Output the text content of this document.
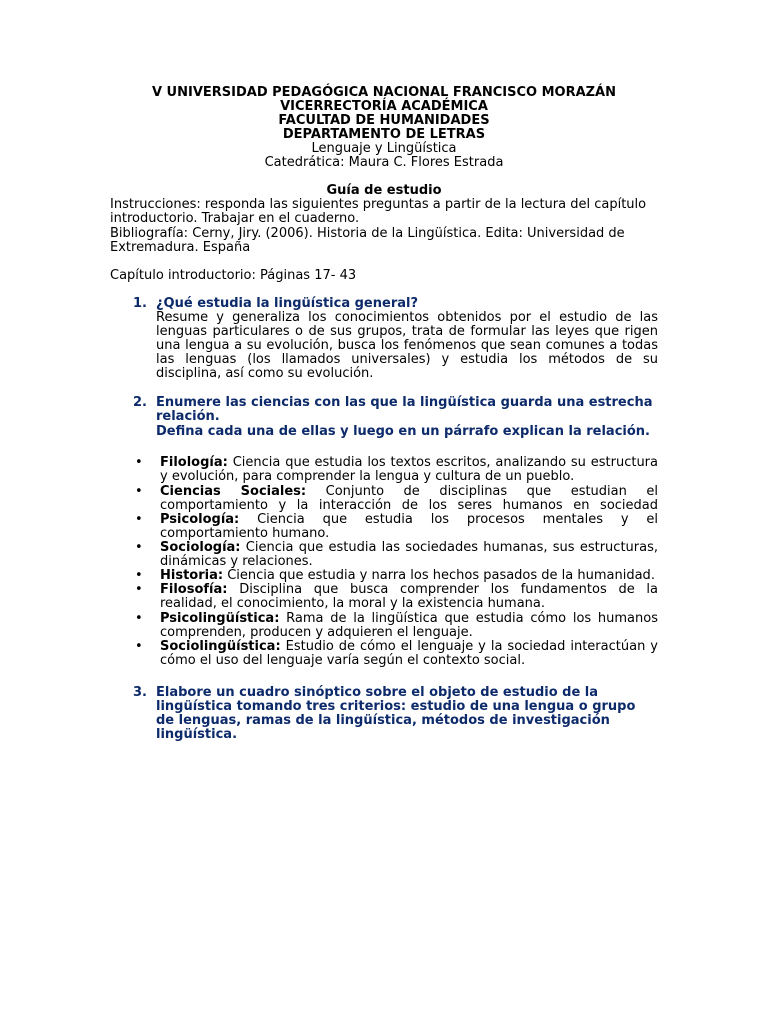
V UNIVERSIDAD PEDAGÓGICA NACIONAL FRANCISCO MORAZÁN
VICERRECTORÍA ACADÉMICA
FACULTAD DE HUMANIDADES
DEPARTAMENTO DE LETRAS
Lenguaje y Lingüística
Catedrática: Maura C. Flores Estrada
Guía de estudio
Instrucciones: responda las siguientes preguntas a partir de la lectura del capítulo introductorio. Trabajar en el cuaderno.
Bibliografía: Cerny, Jiry. (2006). Historia de la Lingüística. Edita: Universidad de Extremadura. España
Capítulo introductorio: Páginas 17- 43
1. ¿Qué estudia la lingüística general?
Resume y generaliza los conocimientos obtenidos por el estudio de las lenguas particulares o de sus grupos, trata de formular las leyes que rigen una lengua a su evolución, busca los fenómenos que sean comunes a todas las lenguas (los llamados universales) y estudia los métodos de su disciplina, así como su evolución.
2. Enumere las ciencias con las que la lingüística guarda una estrecha relación.
Defina cada una de ellas y luego en un párrafo explican la relación.
• Filología: Ciencia que estudia los textos escritos, analizando su estructura y evolución, para comprender la lengua y cultura de un pueblo.
• Ciencias Sociales: Conjunto de disciplinas que estudian el comportamiento y la interacción de los seres humanos en sociedad
• Psicología: Ciencia que estudia los procesos mentales y el comportamiento humano.
• Sociología: Ciencia que estudia las sociedades humanas, sus estructuras, dinámicas y relaciones.
• Historia: Ciencia que estudia y narra los hechos pasados de la humanidad.
• Filosofía: Disciplina que busca comprender los fundamentos de la realidad, el conocimiento, la moral y la existencia humana.
• Psicolingüística: Rama de la lingüística que estudia cómo los humanos comprenden, producen y adquieren el lenguaje.
• Sociolingüística: Estudio de cómo el lenguaje y la sociedad interactúan y cómo el uso del lenguaje varía según el contexto social.
3. Elabore un cuadro sinóptico sobre el objeto de estudio de la lingüística tomando tres criterios: estudio de una lengua o grupo de lenguas, ramas de la lingüística, métodos de investigación lingüística.
